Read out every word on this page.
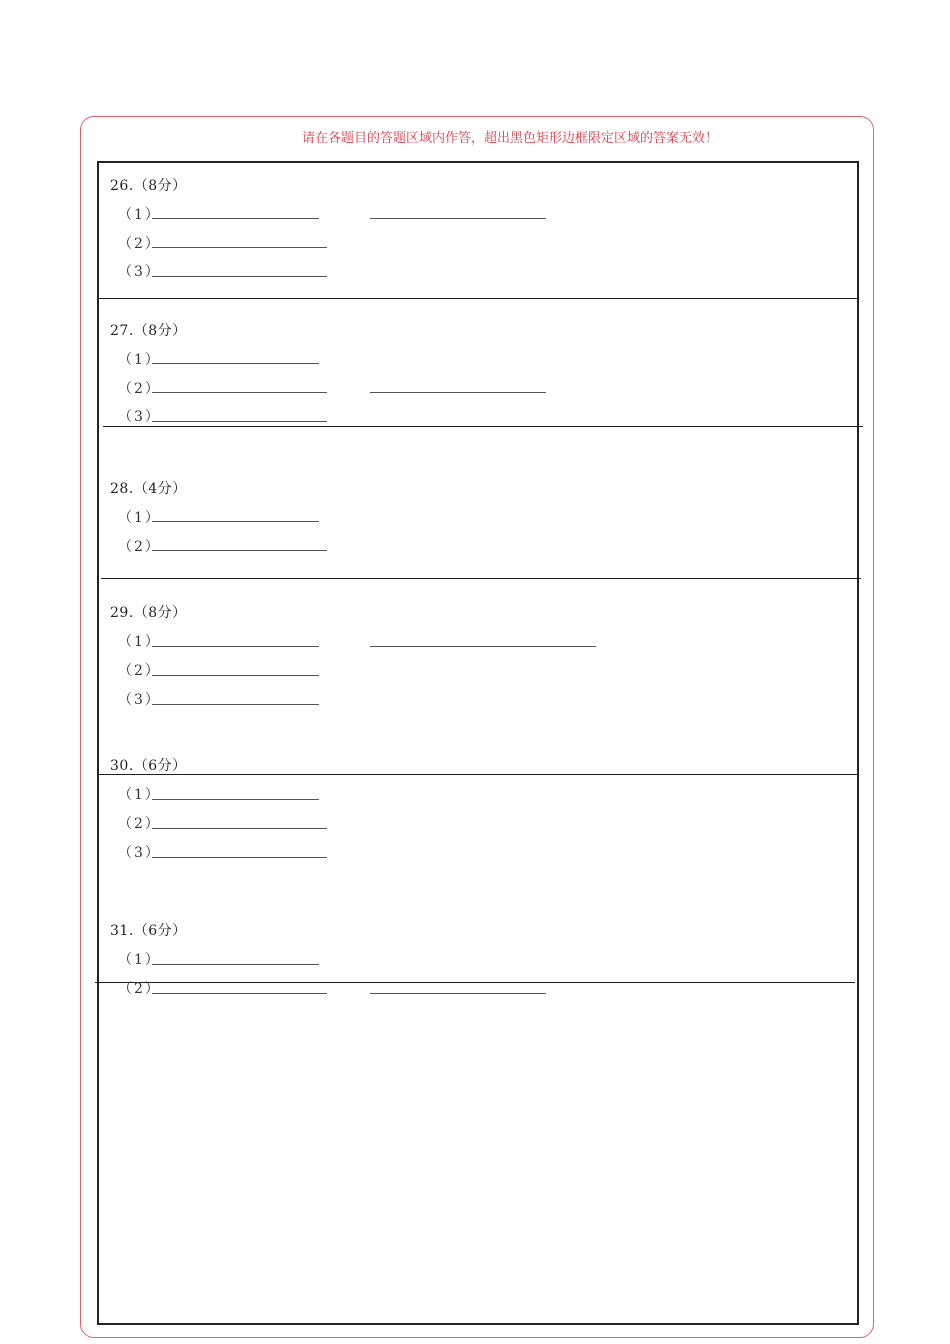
请在各题目的答题区域内作答，超出黑色矩形边框限定区域的答案无效！
26.（8分）
（1）
（2）
（3）
27.（8分）
（1）
（2）
（3）
28.（4分）
（1）
（2）
29.（8分）
（1）
（2）
（3）
30.（6分）
（1）
（2）
（3）
31.（6分）
（1）
（2）
